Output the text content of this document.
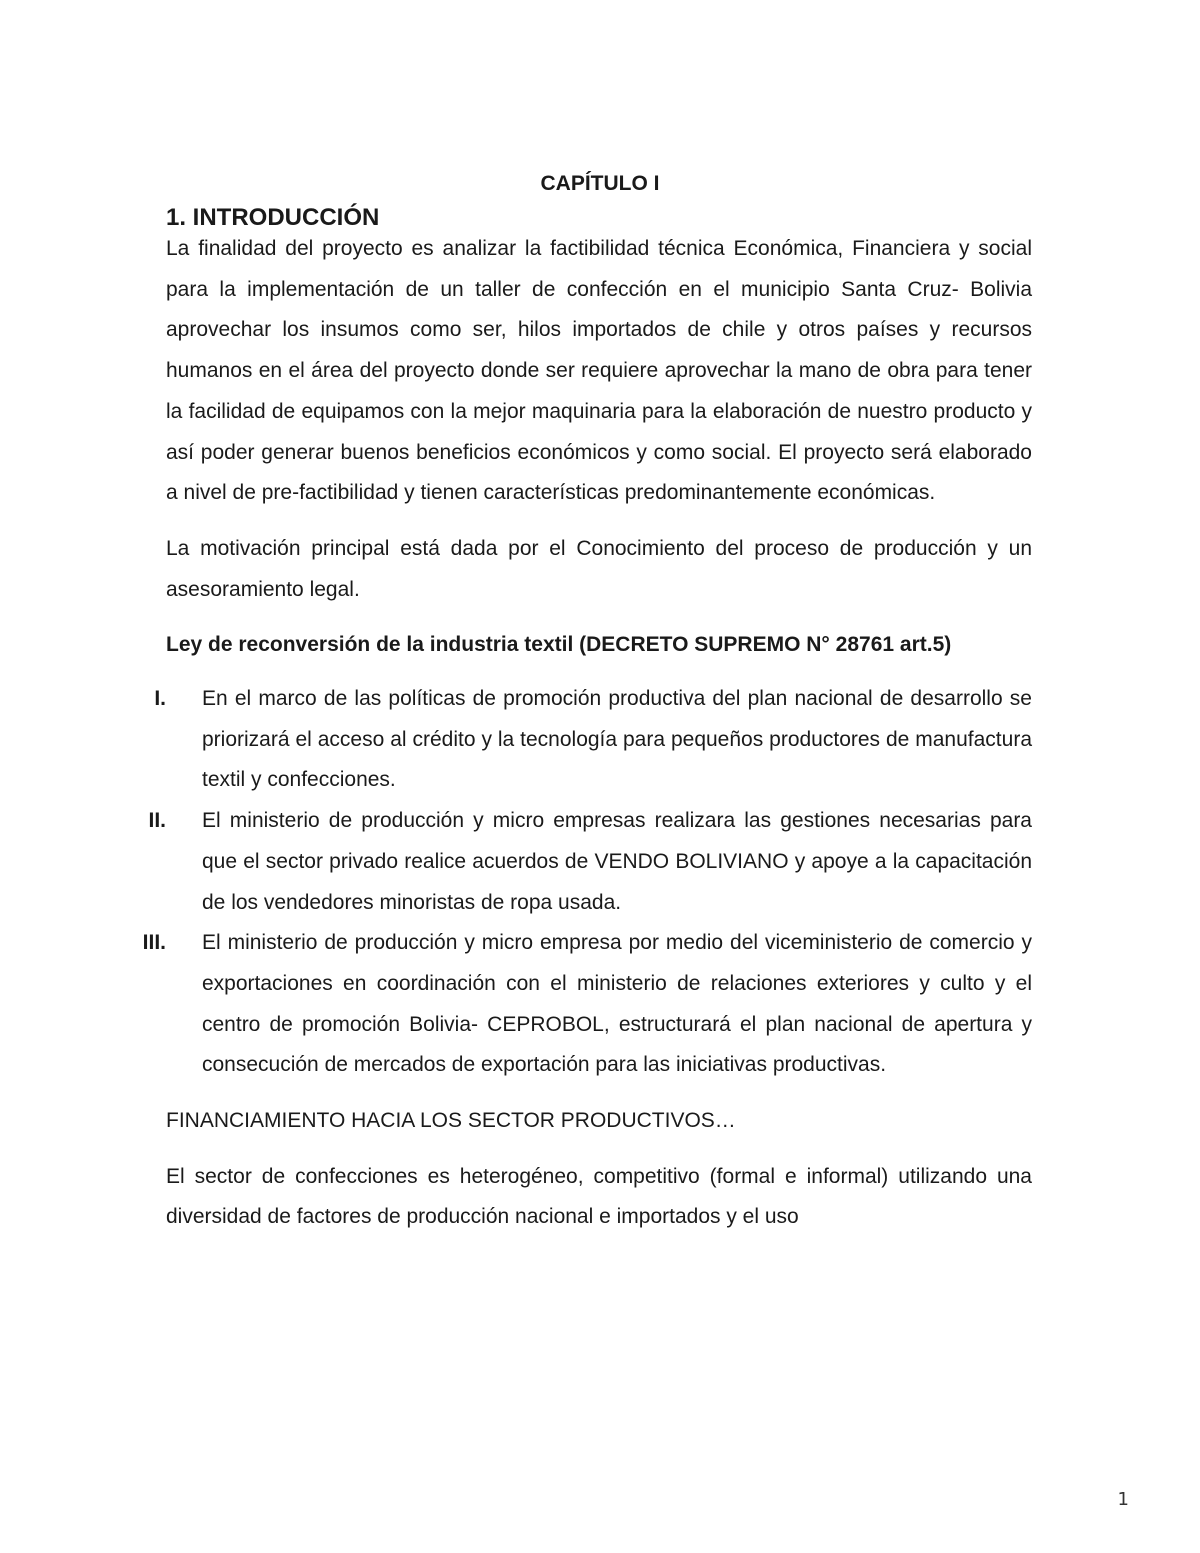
CAPÍTULO I
1. INTRODUCCIÓN

La finalidad del proyecto es analizar la factibilidad técnica Económica, Financiera y social para la implementación de un taller de confección en el municipio Santa Cruz- Bolivia aprovechar los insumos como ser, hilos importados de chile y otros países y recursos humanos en el área del proyecto donde ser requiere aprovechar la mano de obra para tener la facilidad de equipamos con la mejor maquinaria para la elaboración de nuestro producto y así poder generar buenos beneficios económicos y como social. El proyecto será elaborado a nivel de pre-factibilidad y tienen características predominantemente económicas.

La motivación principal está dada por el Conocimiento del proceso de producción y un asesoramiento legal.

Ley de reconversión de la industria textil (DECRETO SUPREMO N° 28761 art.5)

I.	En el marco de las políticas de promoción productiva del plan nacional de desarrollo se priorizará el acceso al crédito y la tecnología para pequeños productores de manufactura textil y confecciones.
II.	El ministerio de producción y micro empresas realizara las gestiones necesarias para que el sector privado realice acuerdos de VENDO BOLIVIANO y apoye a la capacitación de los vendedores minoristas de ropa usada.
III.	El ministerio de producción y micro empresa por medio del viceministerio de comercio y exportaciones en coordinación con el ministerio de relaciones exteriores y culto y el centro de promoción Bolivia- CEPROBOL, estructurará el plan nacional de apertura y consecución de mercados de exportación para las iniciativas productivas.

FINANCIAMIENTO HACIA LOS SECTOR PRODUCTIVOS…

El sector de confecciones es heterogéneo, competitivo (formal e informal) utilizando una diversidad de factores de producción nacional e importados y el uso

1
